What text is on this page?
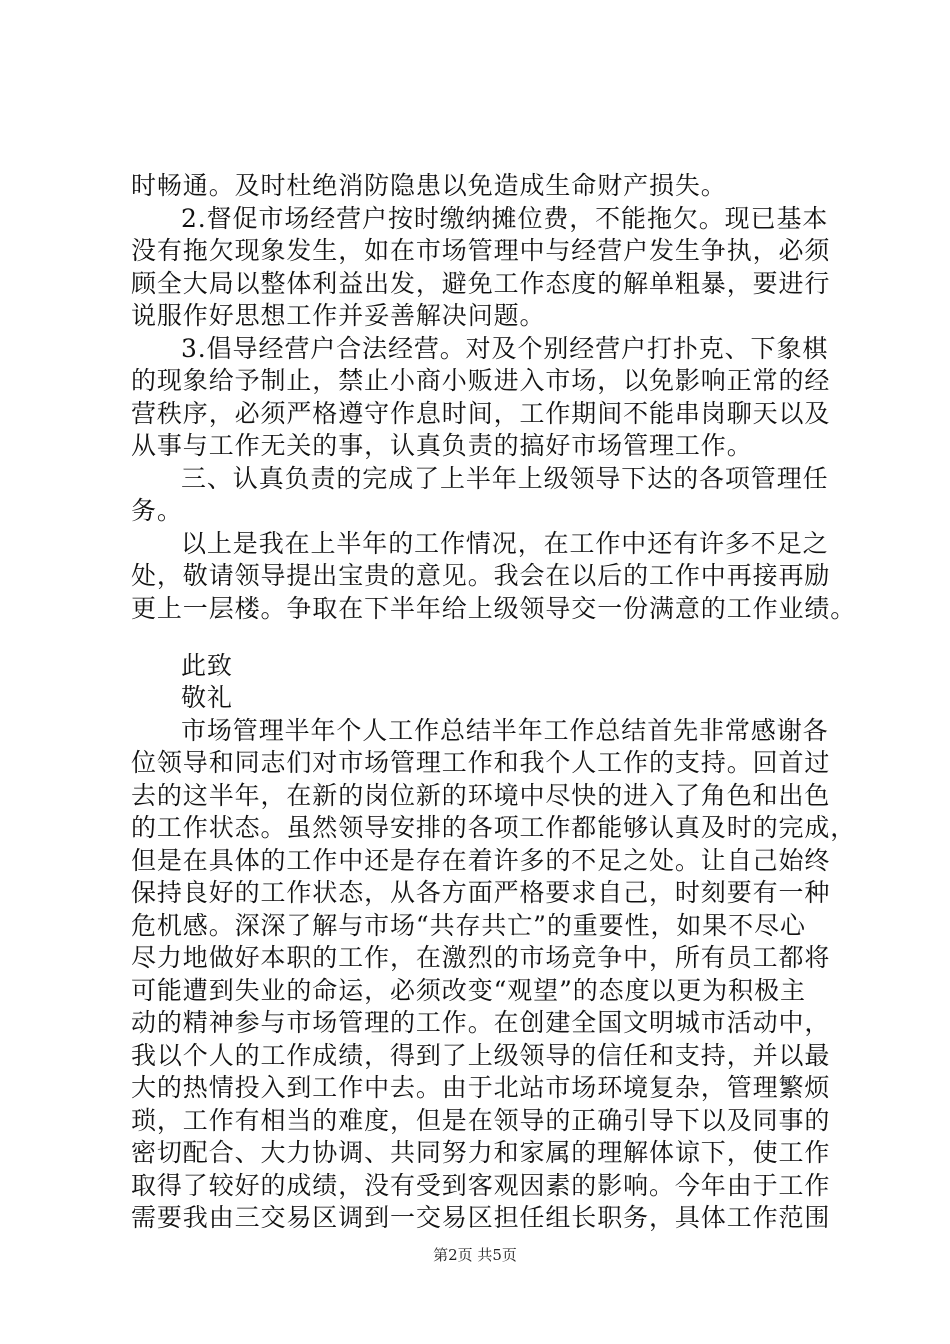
时畅通。及时杜绝消防隐患以免造成生命财产损失。
2.督促市场经营户按时缴纳摊位费，不能拖欠。现已基本
没有拖欠现象发生，如在市场管理中与经营户发生争执，必须
顾全大局以整体利益出发，避免工作态度的解单粗暴，要进行
说服作好思想工作并妥善解决问题。
3.倡导经营户合法经营。对及个别经营户打扑克、下象棋
的现象给予制止，禁止小商小贩进入市场，以免影响正常的经
营秩序，必须严格遵守作息时间，工作期间不能串岗聊天以及
从事与工作无关的事，认真负责的搞好市场管理工作。
三、认真负责的完成了上半年上级领导下达的各项管理任
务。
以上是我在上半年的工作情况，在工作中还有许多不足之
处，敬请领导提出宝贵的意见。我会在以后的工作中再接再励
更上一层楼。争取在下半年给上级领导交一份满意的工作业绩。
此致
敬礼
市场管理半年个人工作总结半年工作总结首先非常感谢各
位领导和同志们对市场管理工作和我个人工作的支持。回首过
去的这半年，在新的岗位新的环境中尽快的进入了角色和出色
的工作状态。虽然领导安排的各项工作都能够认真及时的完成，
但是在具体的工作中还是存在着许多的不足之处。让自己始终
保持良好的工作状态，从各方面严格要求自己，时刻要有一种
危机感。深深了解与市场“共存共亡”的重要性，如果不尽心
尽力地做好本职的工作，在激烈的市场竞争中，所有员工都将
可能遭到失业的命运，必须改变“观望”的态度以更为积极主
动的精神参与市场管理的工作。在创建全国文明城市活动中，
我以个人的工作成绩，得到了上级领导的信任和支持，并以最
大的热情投入到工作中去。由于北站市场环境复杂，管理繁烦
琐，工作有相当的难度，但是在领导的正确引导下以及同事的
密切配合、大力协调、共同努力和家属的理解体谅下，使工作
取得了较好的成绩，没有受到客观因素的影响。今年由于工作
需要我由三交易区调到一交易区担任组长职务，具体工作范围
第2页 共5页
